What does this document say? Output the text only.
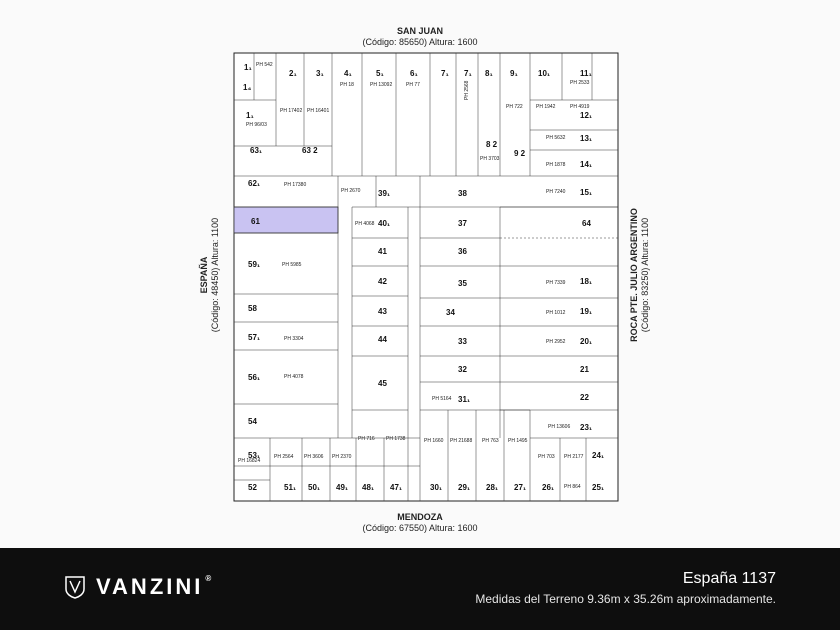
SAN JUAN
(Código: 85650) Altura: 1600
MENDOZA
(Código: 67550) Altura: 1600
ESPAÑA (Código: 48450) Altura: 1100	ROCA PTE. JULIO ARGENTINO (Código: 83250) Altura: 1100
1₁
2₁ 3₁	4₁	5₁	6₁	7₁ 7₁ 8₁ 9₁	10₁	11₁
12₁
13₁
14₁
15₁
64
18₁
19₁
20₁
21
22
23₁
24₁
25₁
26₁
27₁
28₁
29₁
30₁
47₁
48₁
49₁
50₁
51₁
52
53₁
54
56₁
57₁
58
59₁
61
62₁
63₁	63 2
1₄
1₁
8 2
9 2
38
39₁
40₁	37
41	36
42	35
34
43
33
44
32
45
31₁
PH 542
PH 96/03
PH 17402 PH 16401
PH 18	PH 13092	PH 77	PH 2568
PH 722	PH 1942	PH 4919
PH 2533
PH 5632
PH 3703
PH 1878
PH 17380
PH 2670	PH 7240
PH 4068
PH 5985
PH 7339
PH 1012
PH 2952
PH 3304
PH 4078
PH 5164
PH 13606
PH 716 PH 1738	PH 1660 PH 21688 PH 763 PH 1495
PH 703 PH 2177
PH 864
PH 16824
PH 2564 PH 3606 PH 2370
VANZINI ®	España 1137
Medidas del Terreno 9.36m x 35.26m aproximadamente.
